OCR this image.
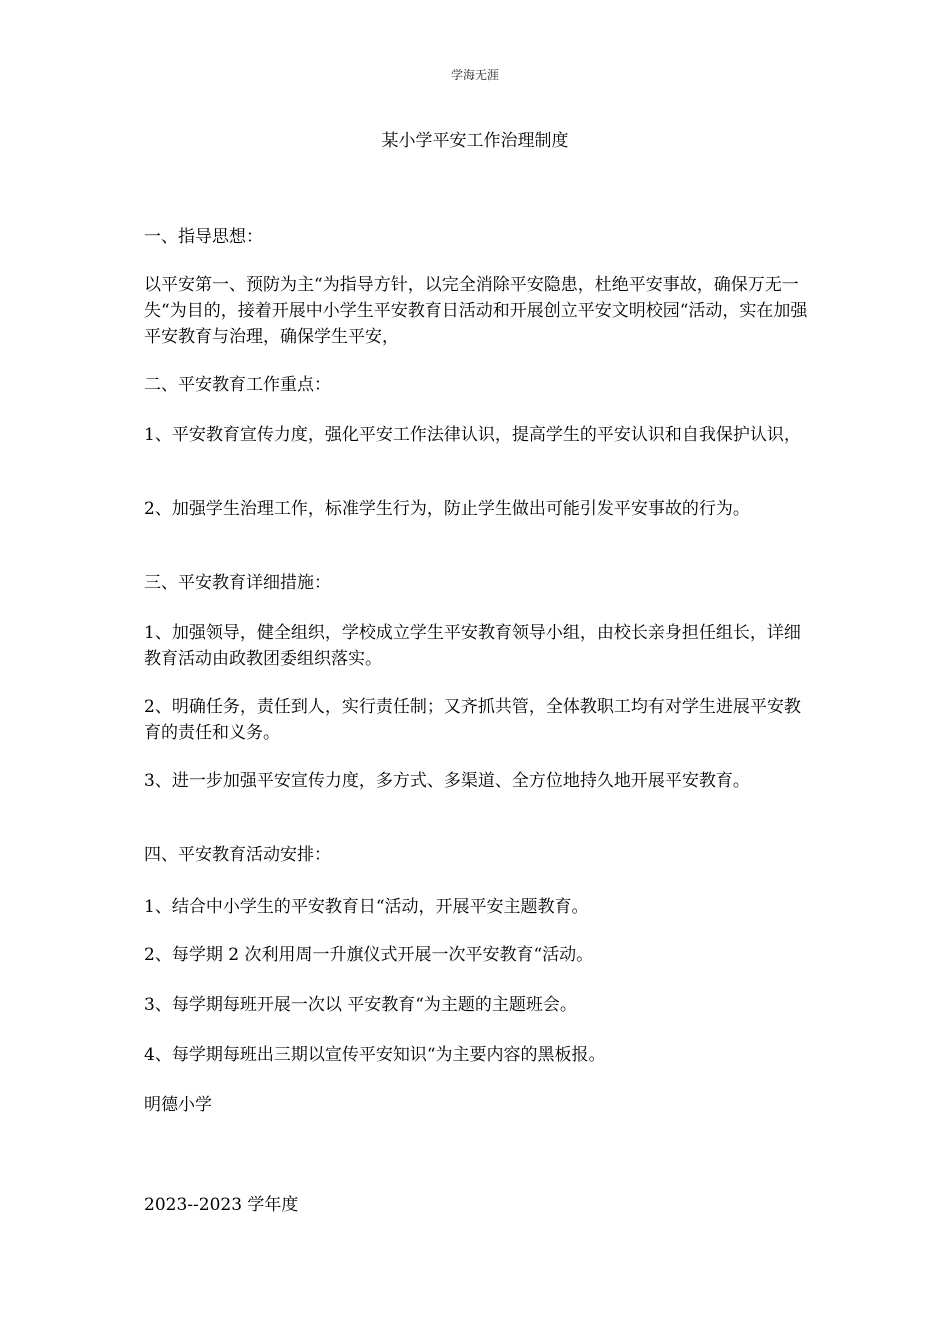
学海无涯
某小学平安工作治理制度

一、指导思想：

以平安第一、预防为主“为指导方针，以完全消除平安隐患，杜绝平安事故，确保万无一失“为目的，接着开展中小学生平安教育日活动和开展创立平安文明校园“活动，实在加强平安教育与治理，确保学生平安，

二、平安教育工作重点：

1、平安教育宣传力度，强化平安工作法律认识，提高学生的平安认识和自我保护认识，

2、加强学生治理工作，标准学生行为，防止学生做出可能引发平安事故的行为。

三、平安教育详细措施：

1、加强领导，健全组织，学校成立学生平安教育领导小组，由校长亲身担任组长，详细教育活动由政教团委组织落实。

2、明确任务，责任到人，实行责任制；又齐抓共管，全体教职工均有对学生进展平安教育的责任和义务。

3、进一步加强平安宣传力度，多方式、多渠道、全方位地持久地开展平安教育。

四、平安教育活动安排：

1、结合中小学生的平安教育日“活动，开展平安主题教育。

2、每学期 2 次利用周一升旗仪式开展一次平安教育“活动。

3、每学期每班开展一次以 平安教育“为主题的主题班会。

4、每学期每班出三期以宣传平安知识“为主要内容的黑板报。

明德小学

2023--2023 学年度
